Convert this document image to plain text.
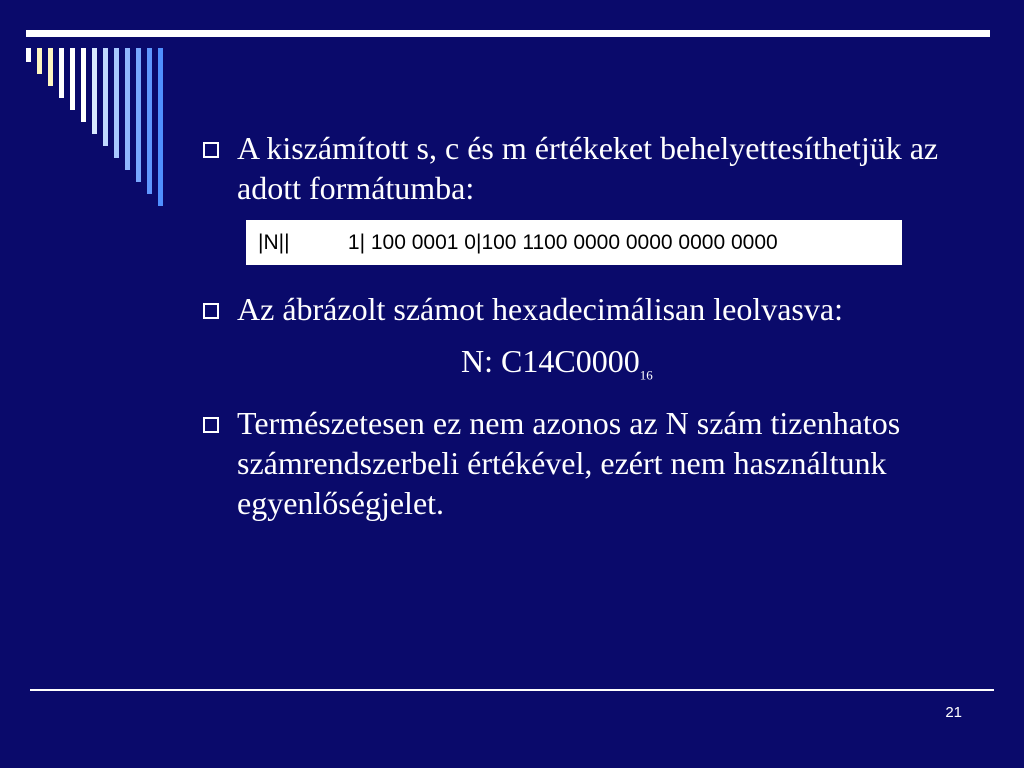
A kiszámított s, c és m értékeket behelyettesíthetjük az adott formátumba:
|N||	1| 100 0001 0|100 1100 0000 0000 0000 0000
Az ábrázolt számot hexadecimálisan leolvasva:
N: $C14C0000_{16}$
Természetesen ez nem azonos az N szám tizenhatos számrendszerbeli értékével, ezért nem használtunk egyenlőségjelet.
21
